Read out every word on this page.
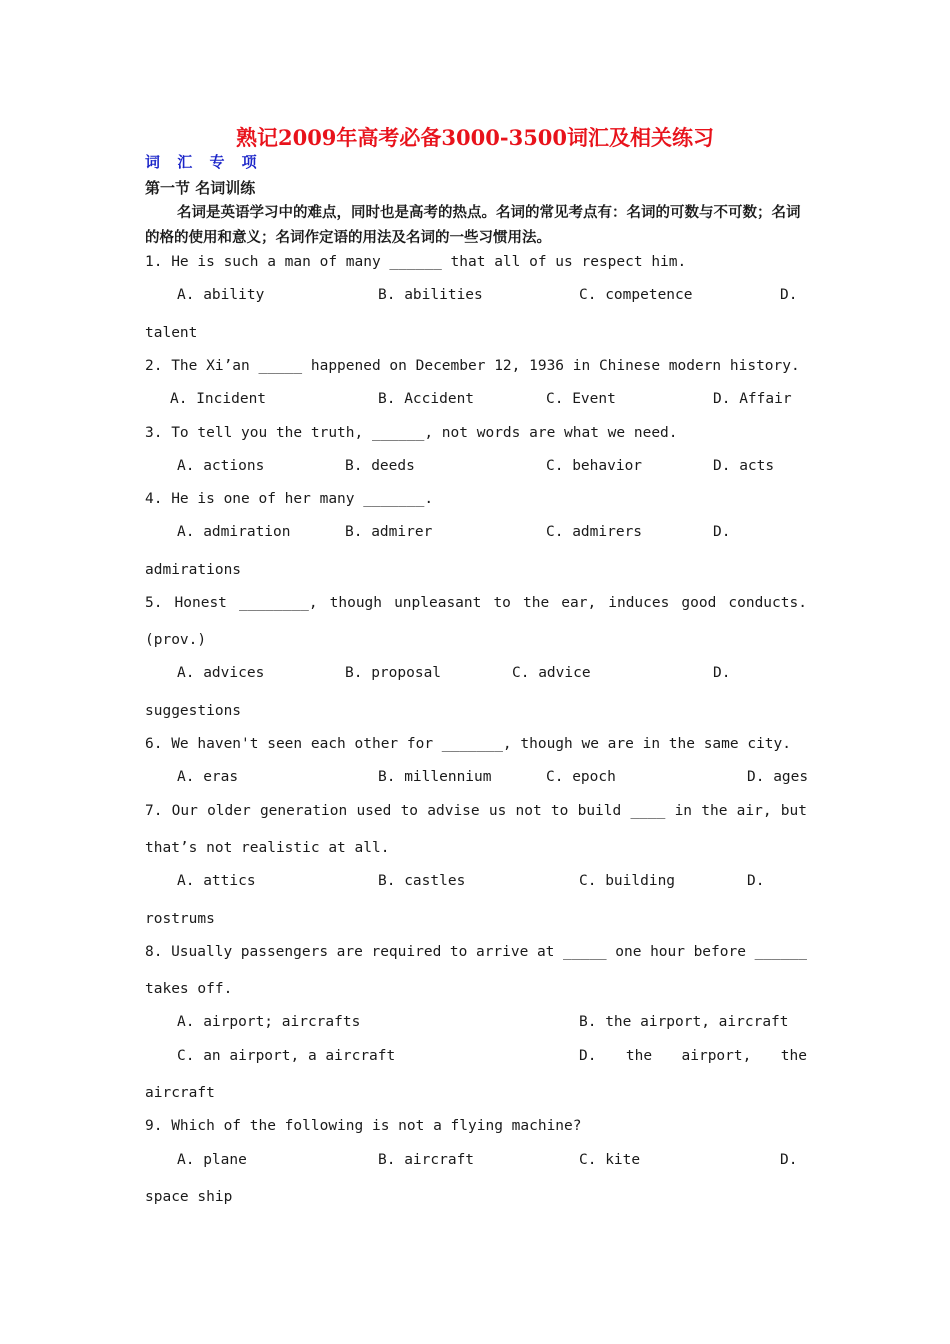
熟记2009年高考必备3000-3500词汇及相关练习
词 汇 专 项
第一节 名词训练
名词是英语学习中的难点，同时也是高考的热点。名词的常见考点有：名词的可数与不可数；名词的格的使用和意义；名词作定语的用法及名词的一些习惯用法。
1. He is such a man of many ______ that all of us respect him.
A. ability	B. abilities	C. competence	D.
talent
2. The Xi’an _____ happened on December 12, 1936 in Chinese modern history.
A. Incident	B. Accident	C. Event	D. Affair
3. To tell you the truth, ______, not words are what we need.
A. actions	B. deeds	C. behavior	D. acts
4. He is one of her many _______.
A. admiration	B. admirer	C. admirers	D.
admirations
5. Honest ________, though unpleasant to the ear, induces good conducts.
(prov.)
A. advices	B. proposal	C. advice	D.
suggestions
6. We haven't seen each other for _______, though we are in the same city.
A. eras	B. millennium	C. epoch	D. ages
7. Our older generation used to advise us not to build ____ in the air, but
that’s not realistic at all.
A. attics	B. castles	C. building	D.
rostrums
8. Usually passengers are required to arrive at _____ one hour before ______
takes off.
A. airport; aircrafts	B. the airport, aircraft
C. an airport, a aircraft	D. the airport, the
aircraft
9. Which of the following is not a flying machine?
A. plane	B. aircraft	C. kite	D.
space ship
